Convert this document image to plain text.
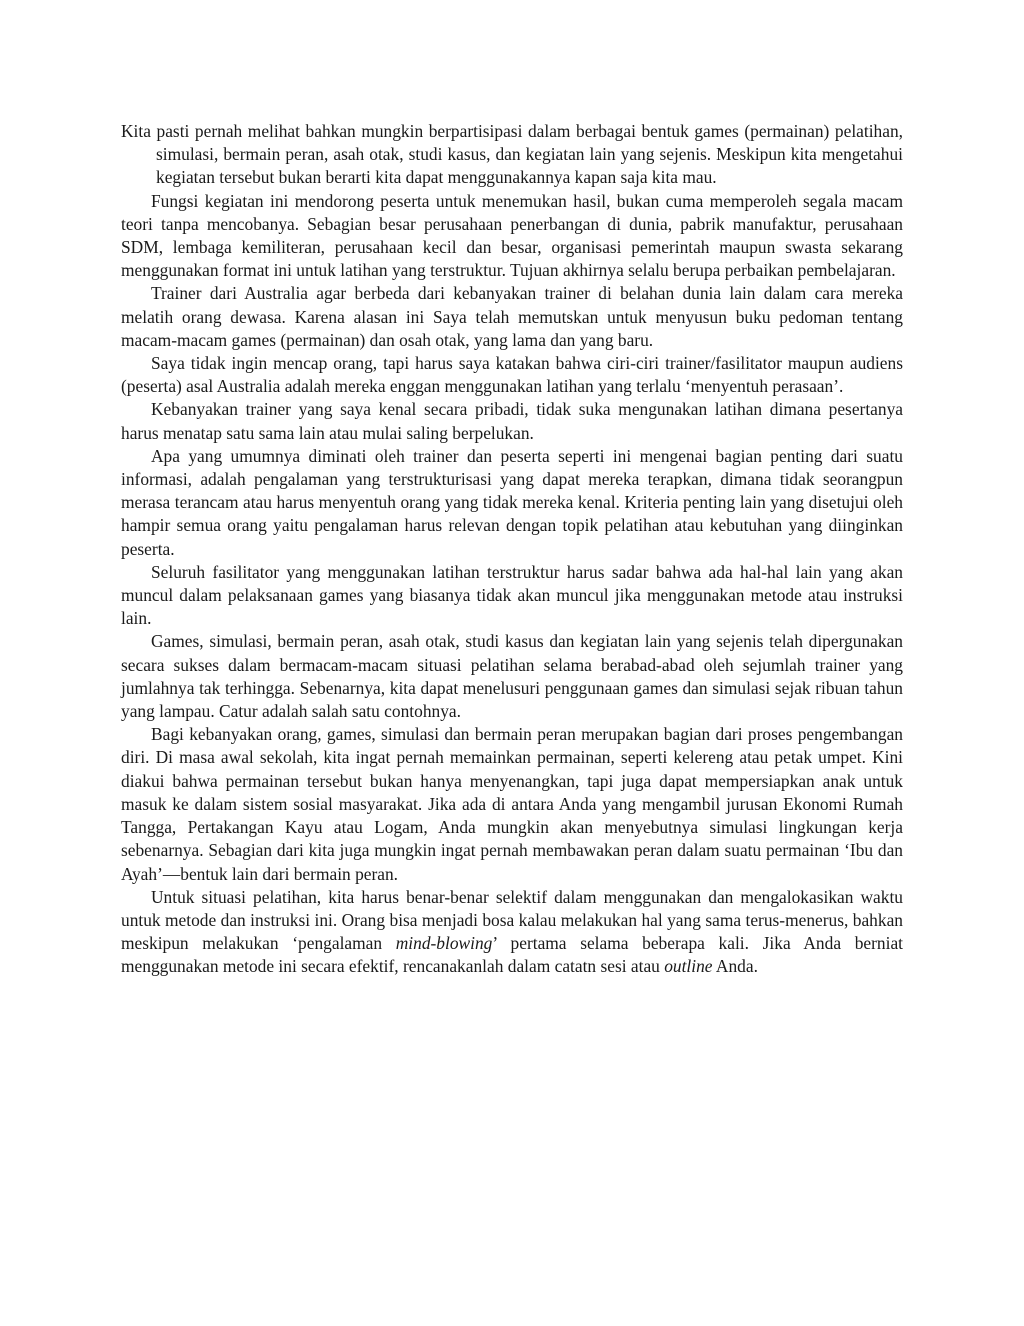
Kita pasti pernah melihat bahkan mungkin berpartisipasi dalam berbagai bentuk games (permainan) pelatihan, simulasi, bermain peran, asah otak, studi kasus, dan kegiatan lain yang sejenis. Meskipun kita mengetahui kegiatan tersebut bukan berarti kita dapat menggunakannya kapan saja kita mau.

Fungsi kegiatan ini mendorong peserta untuk menemukan hasil, bukan cuma memperoleh segala macam teori tanpa mencobanya. Sebagian besar perusahaan penerbangan di dunia, pabrik manufaktur, perusahaan SDM, lembaga kemiliteran, perusahaan kecil dan besar, organisasi pemerintah maupun swasta sekarang menggunakan format ini untuk latihan yang terstruktur. Tujuan akhirnya selalu berupa perbaikan pembelajaran.

Trainer dari Australia agar berbeda dari kebanyakan trainer di belahan dunia lain dalam cara mereka melatih orang dewasa. Karena alasan ini Saya telah memutskan untuk menyusun buku pedoman tentang macam-macam games (permainan) dan osah otak, yang lama dan yang baru.

Saya tidak ingin mencap orang, tapi harus saya katakan bahwa ciri-ciri trainer/fasilitator maupun audiens (peserta) asal Australia adalah mereka enggan menggunakan latihan yang terlalu ‘menyentuh perasaan’.

Kebanyakan trainer yang saya kenal secara pribadi, tidak suka mengunakan latihan dimana pesertanya harus menatap satu sama lain atau mulai saling berpelukan.

Apa yang umumnya diminati oleh trainer dan peserta seperti ini mengenai bagian penting dari suatu informasi, adalah pengalaman yang terstrukturisasi yang dapat mereka terapkan, dimana tidak seorangpun merasa terancam atau harus menyentuh orang yang tidak mereka kenal. Kriteria penting lain yang disetujui oleh hampir semua orang yaitu pengalaman harus relevan dengan topik pelatihan atau kebutuhan yang diinginkan peserta.

Seluruh fasilitator yang menggunakan latihan terstruktur harus sadar bahwa ada hal-hal lain yang akan muncul dalam pelaksanaan games yang biasanya tidak akan muncul jika menggunakan metode atau instruksi lain.

Games, simulasi, bermain peran, asah otak, studi kasus dan kegiatan lain yang sejenis telah dipergunakan secara sukses dalam bermacam-macam situasi pelatihan selama berabad-abad oleh sejumlah trainer yang jumlahnya tak terhingga. Sebenarnya, kita dapat menelusuri penggunaan games dan simulasi sejak ribuan tahun yang lampau. Catur adalah salah satu contohnya.

Bagi kebanyakan orang, games, simulasi dan bermain peran merupakan bagian dari proses pengembangan diri. Di masa awal sekolah, kita ingat pernah memainkan permainan, seperti kelereng atau petak umpet. Kini diakui bahwa permainan tersebut bukan hanya menyenangkan, tapi juga dapat mempersiapkan anak untuk masuk ke dalam sistem sosial masyarakat. Jika ada di antara Anda yang mengambil jurusan Ekonomi Rumah Tangga, Pertakangan Kayu atau Logam, Anda mungkin akan menyebutnya simulasi lingkungan kerja sebenarnya. Sebagian dari kita juga mungkin ingat pernah membawakan peran dalam suatu permainan ‘Ibu dan Ayah’—bentuk lain dari bermain peran.

Untuk situasi pelatihan, kita harus benar-benar selektif dalam menggunakan dan mengalokasikan waktu untuk metode dan instruksi ini. Orang bisa menjadi bosa kalau melakukan hal yang sama terus-menerus, bahkan meskipun melakukan ‘pengalaman mind-blowing’ pertama selama beberapa kali. Jika Anda berniat menggunakan metode ini secara efektif, rencanakanlah dalam catatn sesi atau outline Anda.
